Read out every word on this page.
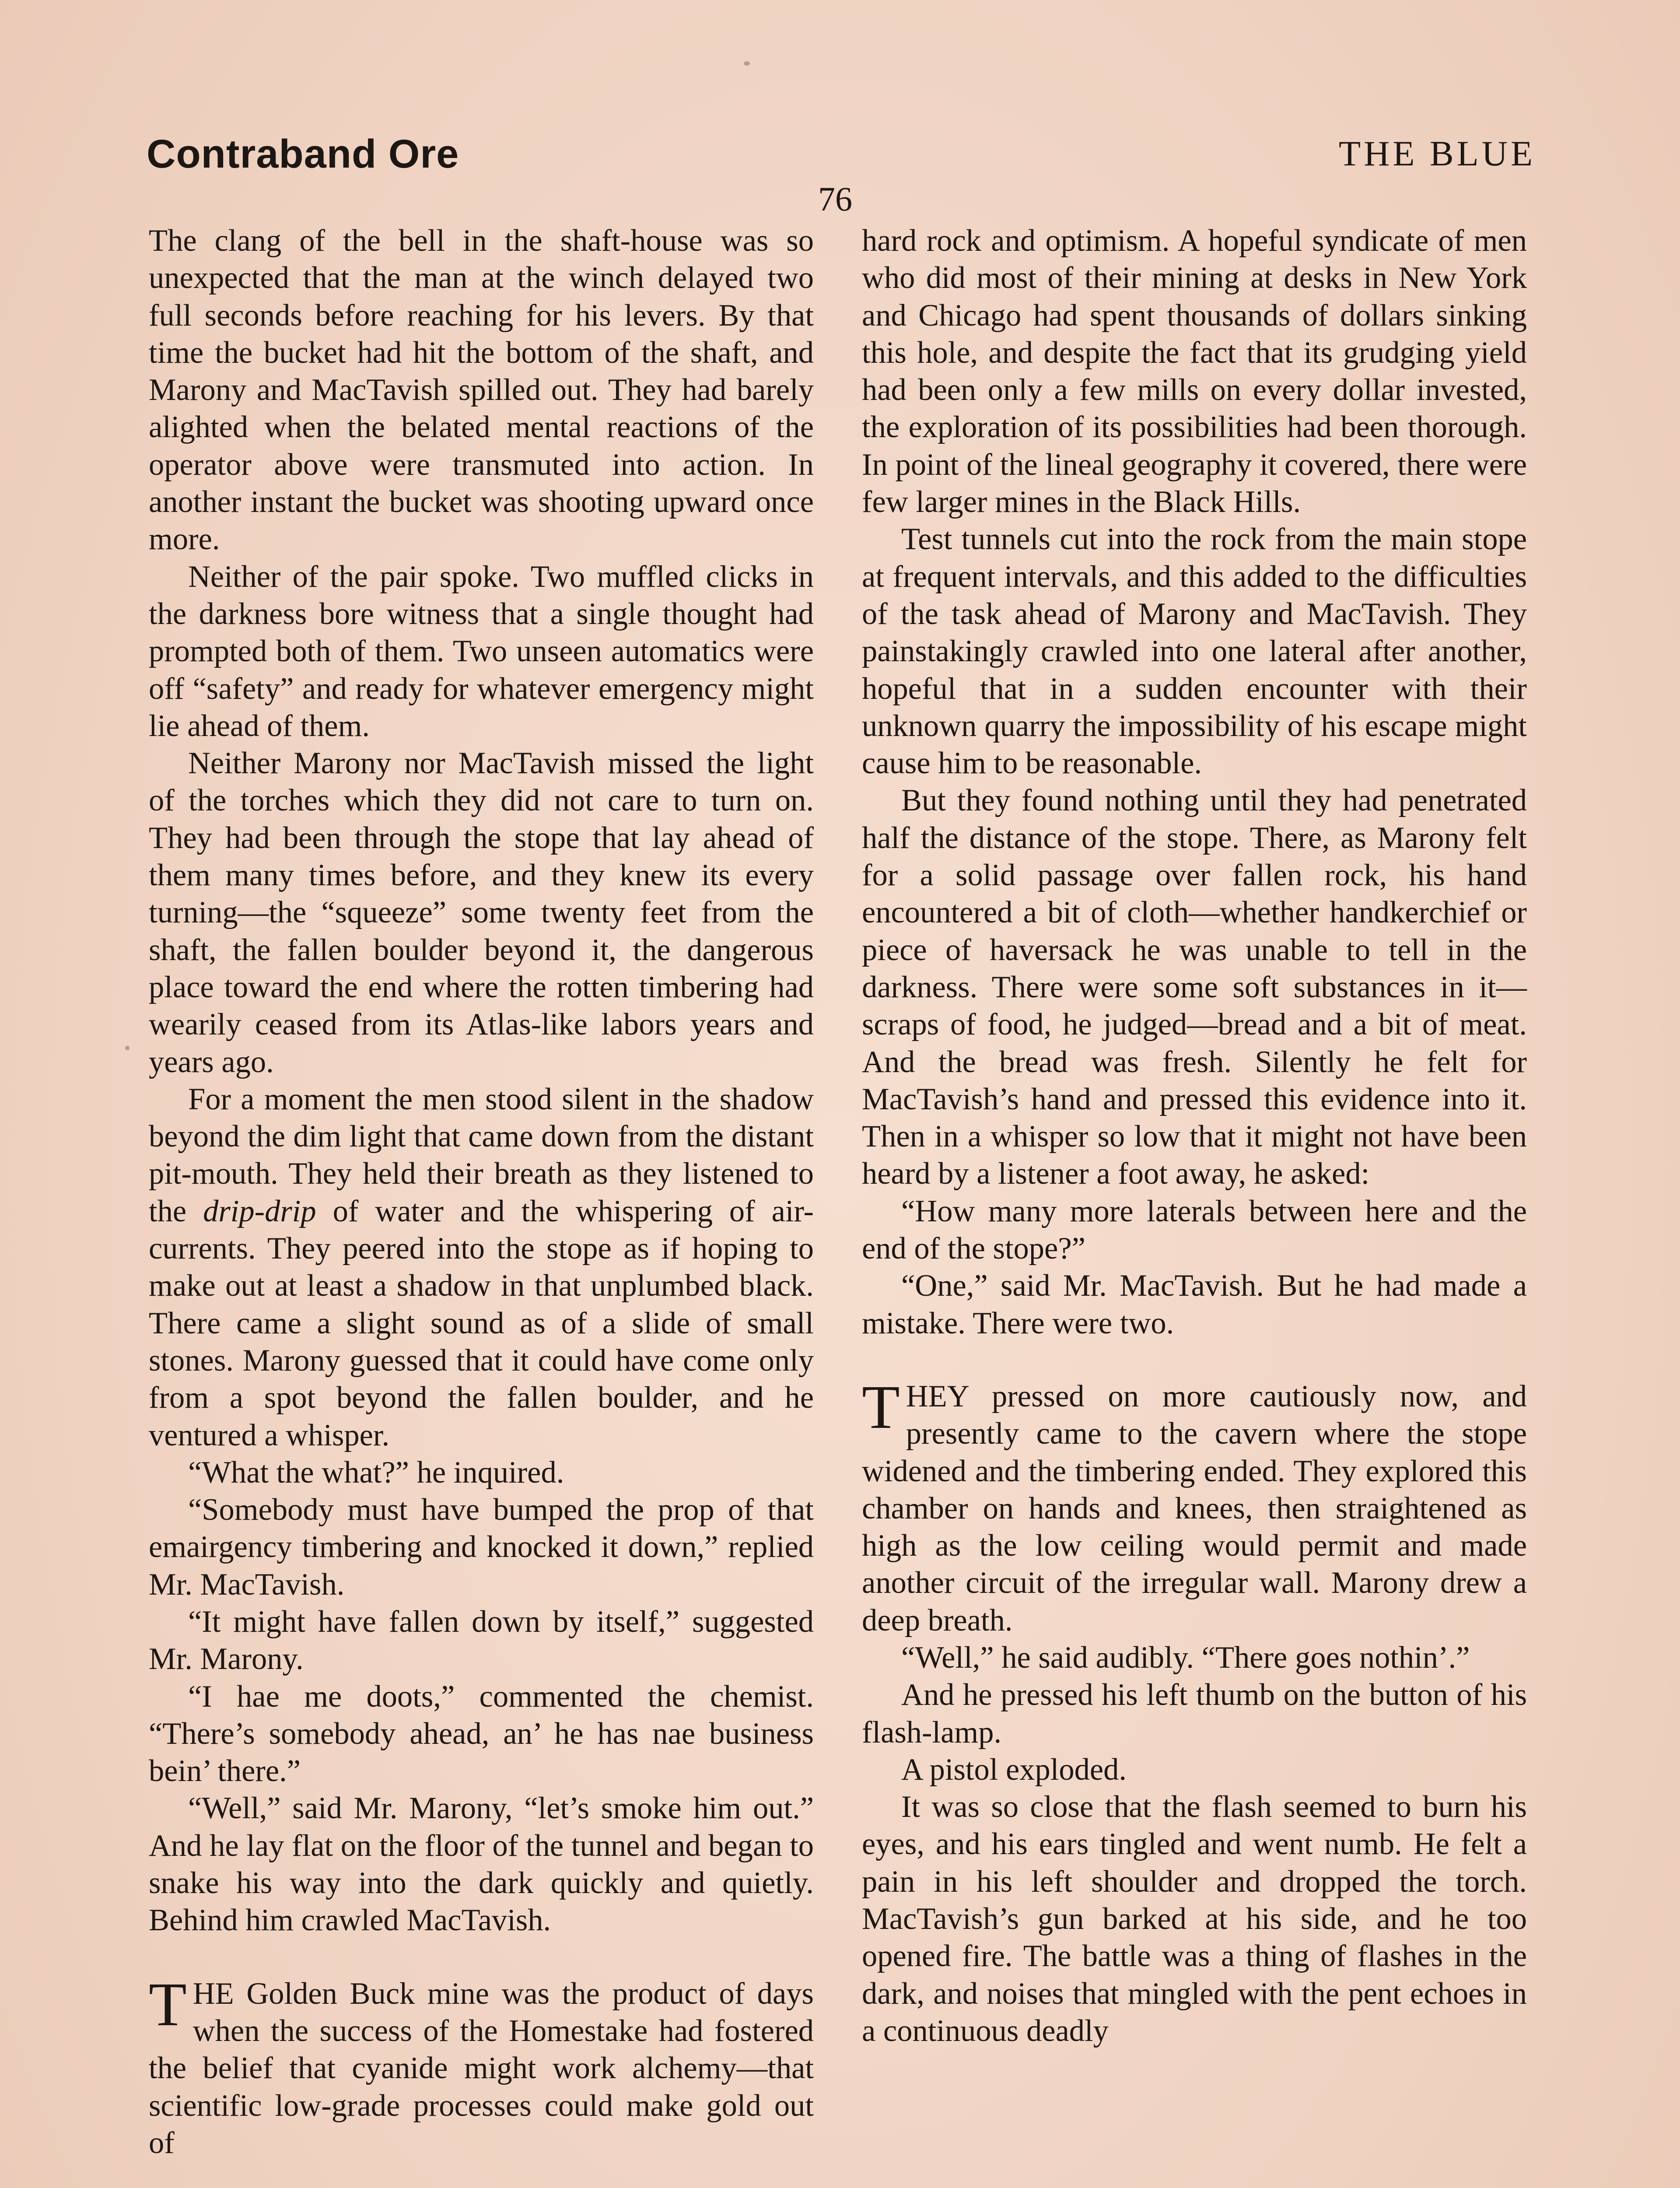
Contraband Ore	THE BLUE
76

The clang of the bell in the shaft-house was so unexpected that the man at the winch delayed two full seconds before reaching for his levers. By that time the bucket had hit the bottom of the shaft, and Marony and MacTavish spilled out. They had barely alighted when the belated mental reactions of the operator above were transmuted into action. In another instant the bucket was shooting upward once more.

Neither of the pair spoke. Two muffled clicks in the darkness bore witness that a single thought had prompted both of them. Two unseen automatics were off “safety” and ready for whatever emergency might lie ahead of them.

Neither Marony nor MacTavish missed the light of the torches which they did not care to turn on. They had been through the stope that lay ahead of them many times before, and they knew its every turning—the “squeeze” some twenty feet from the shaft, the fallen boulder beyond it, the dangerous place toward the end where the rotten timbering had wearily ceased from its Atlas-like labors years and years ago.

For a moment the men stood silent in the shadow beyond the dim light that came down from the distant pit-mouth. They held their breath as they listened to the drip-drip of water and the whispering of air-currents. They peered into the stope as if hoping to make out at least a shadow in that unplumbed black. There came a slight sound as of a slide of small stones. Marony guessed that it could have come only from a spot beyond the fallen boulder, and he ventured a whisper.

“What the what?” he inquired.

“Somebody must have bumped the prop of that emairgency timbering and knocked it down,” replied Mr. MacTavish.

“It might have fallen down by itself,” suggested Mr. Marony.

“I hae me doots,” commented the chemist. “There’s somebody ahead, an’ he has nae business bein’ there.”

“Well,” said Mr. Marony, “let’s smoke him out.” And he lay flat on the floor of the tunnel and began to snake his way into the dark quickly and quietly. Behind him crawled MacTavish.

THE Golden Buck mine was the product of days when the success of the Homestake had fostered the belief that cyanide might work alchemy—that scientific low-grade processes could make gold out of

hard rock and optimism. A hopeful syndicate of men who did most of their mining at desks in New York and Chicago had spent thousands of dollars sinking this hole, and despite the fact that its grudging yield had been only a few mills on every dollar invested, the exploration of its possibilities had been thorough. In point of the lineal geography it covered, there were few larger mines in the Black Hills.

Test tunnels cut into the rock from the main stope at frequent intervals, and this added to the difficulties of the task ahead of Marony and MacTavish. They painstakingly crawled into one lateral after another, hopeful that in a sudden encounter with their unknown quarry the impossibility of his escape might cause him to be reasonable.

But they found nothing until they had penetrated half the distance of the stope. There, as Marony felt for a solid passage over fallen rock, his hand encountered a bit of cloth—whether handkerchief or piece of haversack he was unable to tell in the darkness. There were some soft substances in it—scraps of food, he judged—bread and a bit of meat. And the bread was fresh. Silently he felt for MacTavish’s hand and pressed this evidence into it. Then in a whisper so low that it might not have been heard by a listener a foot away, he asked:

“How many more laterals between here and the end of the stope?”

“One,” said Mr. MacTavish. But he had made a mistake. There were two.

THEY pressed on more cautiously now, and presently came to the cavern where the stope widened and the timbering ended. They explored this chamber on hands and knees, then straightened as high as the low ceiling would permit and made another circuit of the irregular wall. Marony drew a deep breath.

“Well,” he said audibly. “There goes nothin’.”

And he pressed his left thumb on the button of his flash-lamp.

A pistol exploded.

It was so close that the flash seemed to burn his eyes, and his ears tingled and went numb. He felt a pain in his left shoulder and dropped the torch. MacTavish’s gun barked at his side, and he too opened fire. The battle was a thing of flashes in the dark, and noises that mingled with the pent echoes in a continuous deadly
